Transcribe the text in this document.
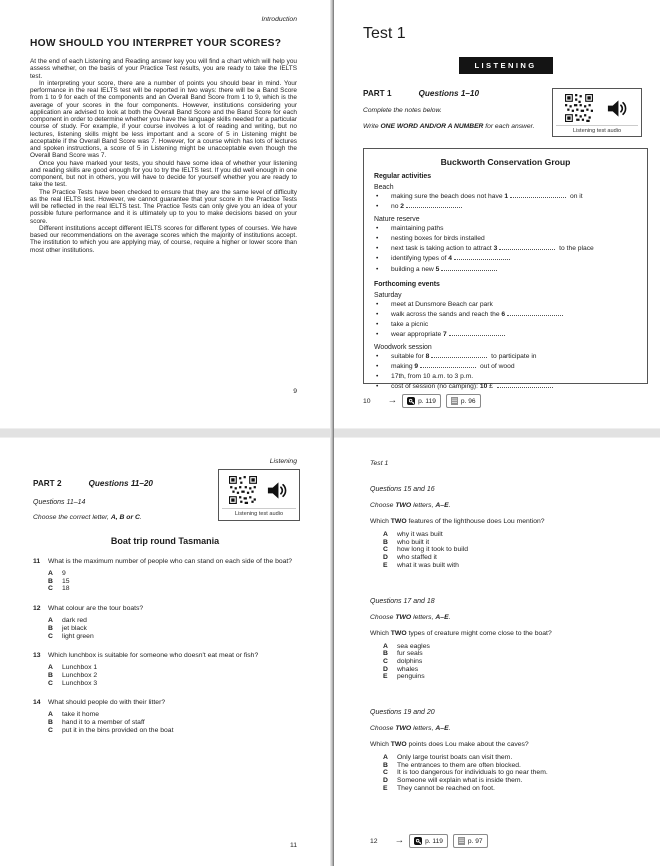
Introduction
HOW SHOULD YOU INTERPRET YOUR SCORES?

At the end of each Listening and Reading answer key you will find a chart which will help you assess whether, on the basis of your Practice Test results, you are ready to take the IELTS test.

In interpreting your score, there are a number of points you should bear in mind. Your performance in the real IELTS test will be reported in two ways: there will be a Band Score from 1 to 9 for each of the components and an Overall Band Score from 1 to 9, which is the average of your scores in the four components. However, institutions considering your application are advised to look at both the Overall Band Score and the Band Score for each component in order to determine whether you have the language skills needed for a particular course of study. For example, if your course involves a lot of reading and writing, but no lectures, listening skills might be less important and a score of 5 in Listening might be acceptable if the Overall Band Score was 7. However, for a course which has lots of lectures and spoken instructions, a score of 5 in Listening might be unacceptable even though the Overall Band Score was 7.

Once you have marked your tests, you should have some idea of whether your listening and reading skills are good enough for you to try the IELTS test. If you did well enough in one component, but not in others, you will have to decide for yourself whether you are ready to take the test.

The Practice Tests have been checked to ensure that they are the same level of difficulty as the real IELTS test. However, we cannot guarantee that your score in the Practice Tests will be reflected in the real IELTS test. The Practice Tests can only give you an idea of your possible future performance and it is ultimately up to you to make decisions based on your score.

Different institutions accept different IELTS scores for different types of courses. We have based our recommendations on the average scores which the majority of institutions accept. The institution to which you are applying may, of course, require a higher or lower score than most other institutions.

9
Test 1
LISTENING
PART 1	Questions 1–10
Complete the notes below.
Write ONE WORD AND/OR A NUMBER for each answer.
Listening test audio
Buckworth Conservation Group
Regular activities
Beach
• making sure the beach does not have 1	on it
• no 2
Nature reserve
• maintaining paths
• nesting boxes for birds installed
• next task is taking action to attract 3	to the place
• identifying types of 4
• building a new 5
Forthcoming events
Saturday
• meet at Dunsmore Beach car park
• walk across the sands and reach the 6
• take a picnic
• wear appropriate 7
Woodwork session
• suitable for 8	to participate in
• making 9	out of wood
• 17th, from 10 a.m. to 3 p.m.
• cost of session (no camping): 10 £
10 →	p. 119	p. 96
Listening
PART 2	Questions 11–20
Questions 11–14
Choose the correct letter, A, B or C.	Listening test audio
Boat trip round Tasmania
11	What is the maximum number of people who can stand on each side of the boat?
A	9
B	15
C	18
12	What colour are the tour boats?
A	dark red
B	jet black
C	light green
13	Which lunchbox is suitable for someone who doesn't eat meat or fish?
A	Lunchbox 1
B	Lunchbox 2
C	Lunchbox 3
14	What should people do with their litter?
A	take it home
B	hand it to a member of staff
C	put it in the bins provided on the boat
11
Test 1
Questions 15 and 16
Choose TWO letters, A–E.
Which TWO features of the lighthouse does Lou mention?
A	why it was built
B	who built it
C	how long it took to build
D	who staffed it
E	what it was built with
Questions 17 and 18
Choose TWO letters, A–E.
Which TWO types of creature might come close to the boat?
A	sea eagles
B	fur seals
C	dolphins
D	whales
E	penguins
Questions 19 and 20
Choose TWO letters, A–E.
Which TWO points does Lou make about the caves?
A	Only large tourist boats can visit them.
B	The entrances to them are often blocked.
C	It is too dangerous for individuals to go near them.
D	Someone will explain what is inside them.
E	They cannot be reached on foot.
12 →	p. 119	p. 97
